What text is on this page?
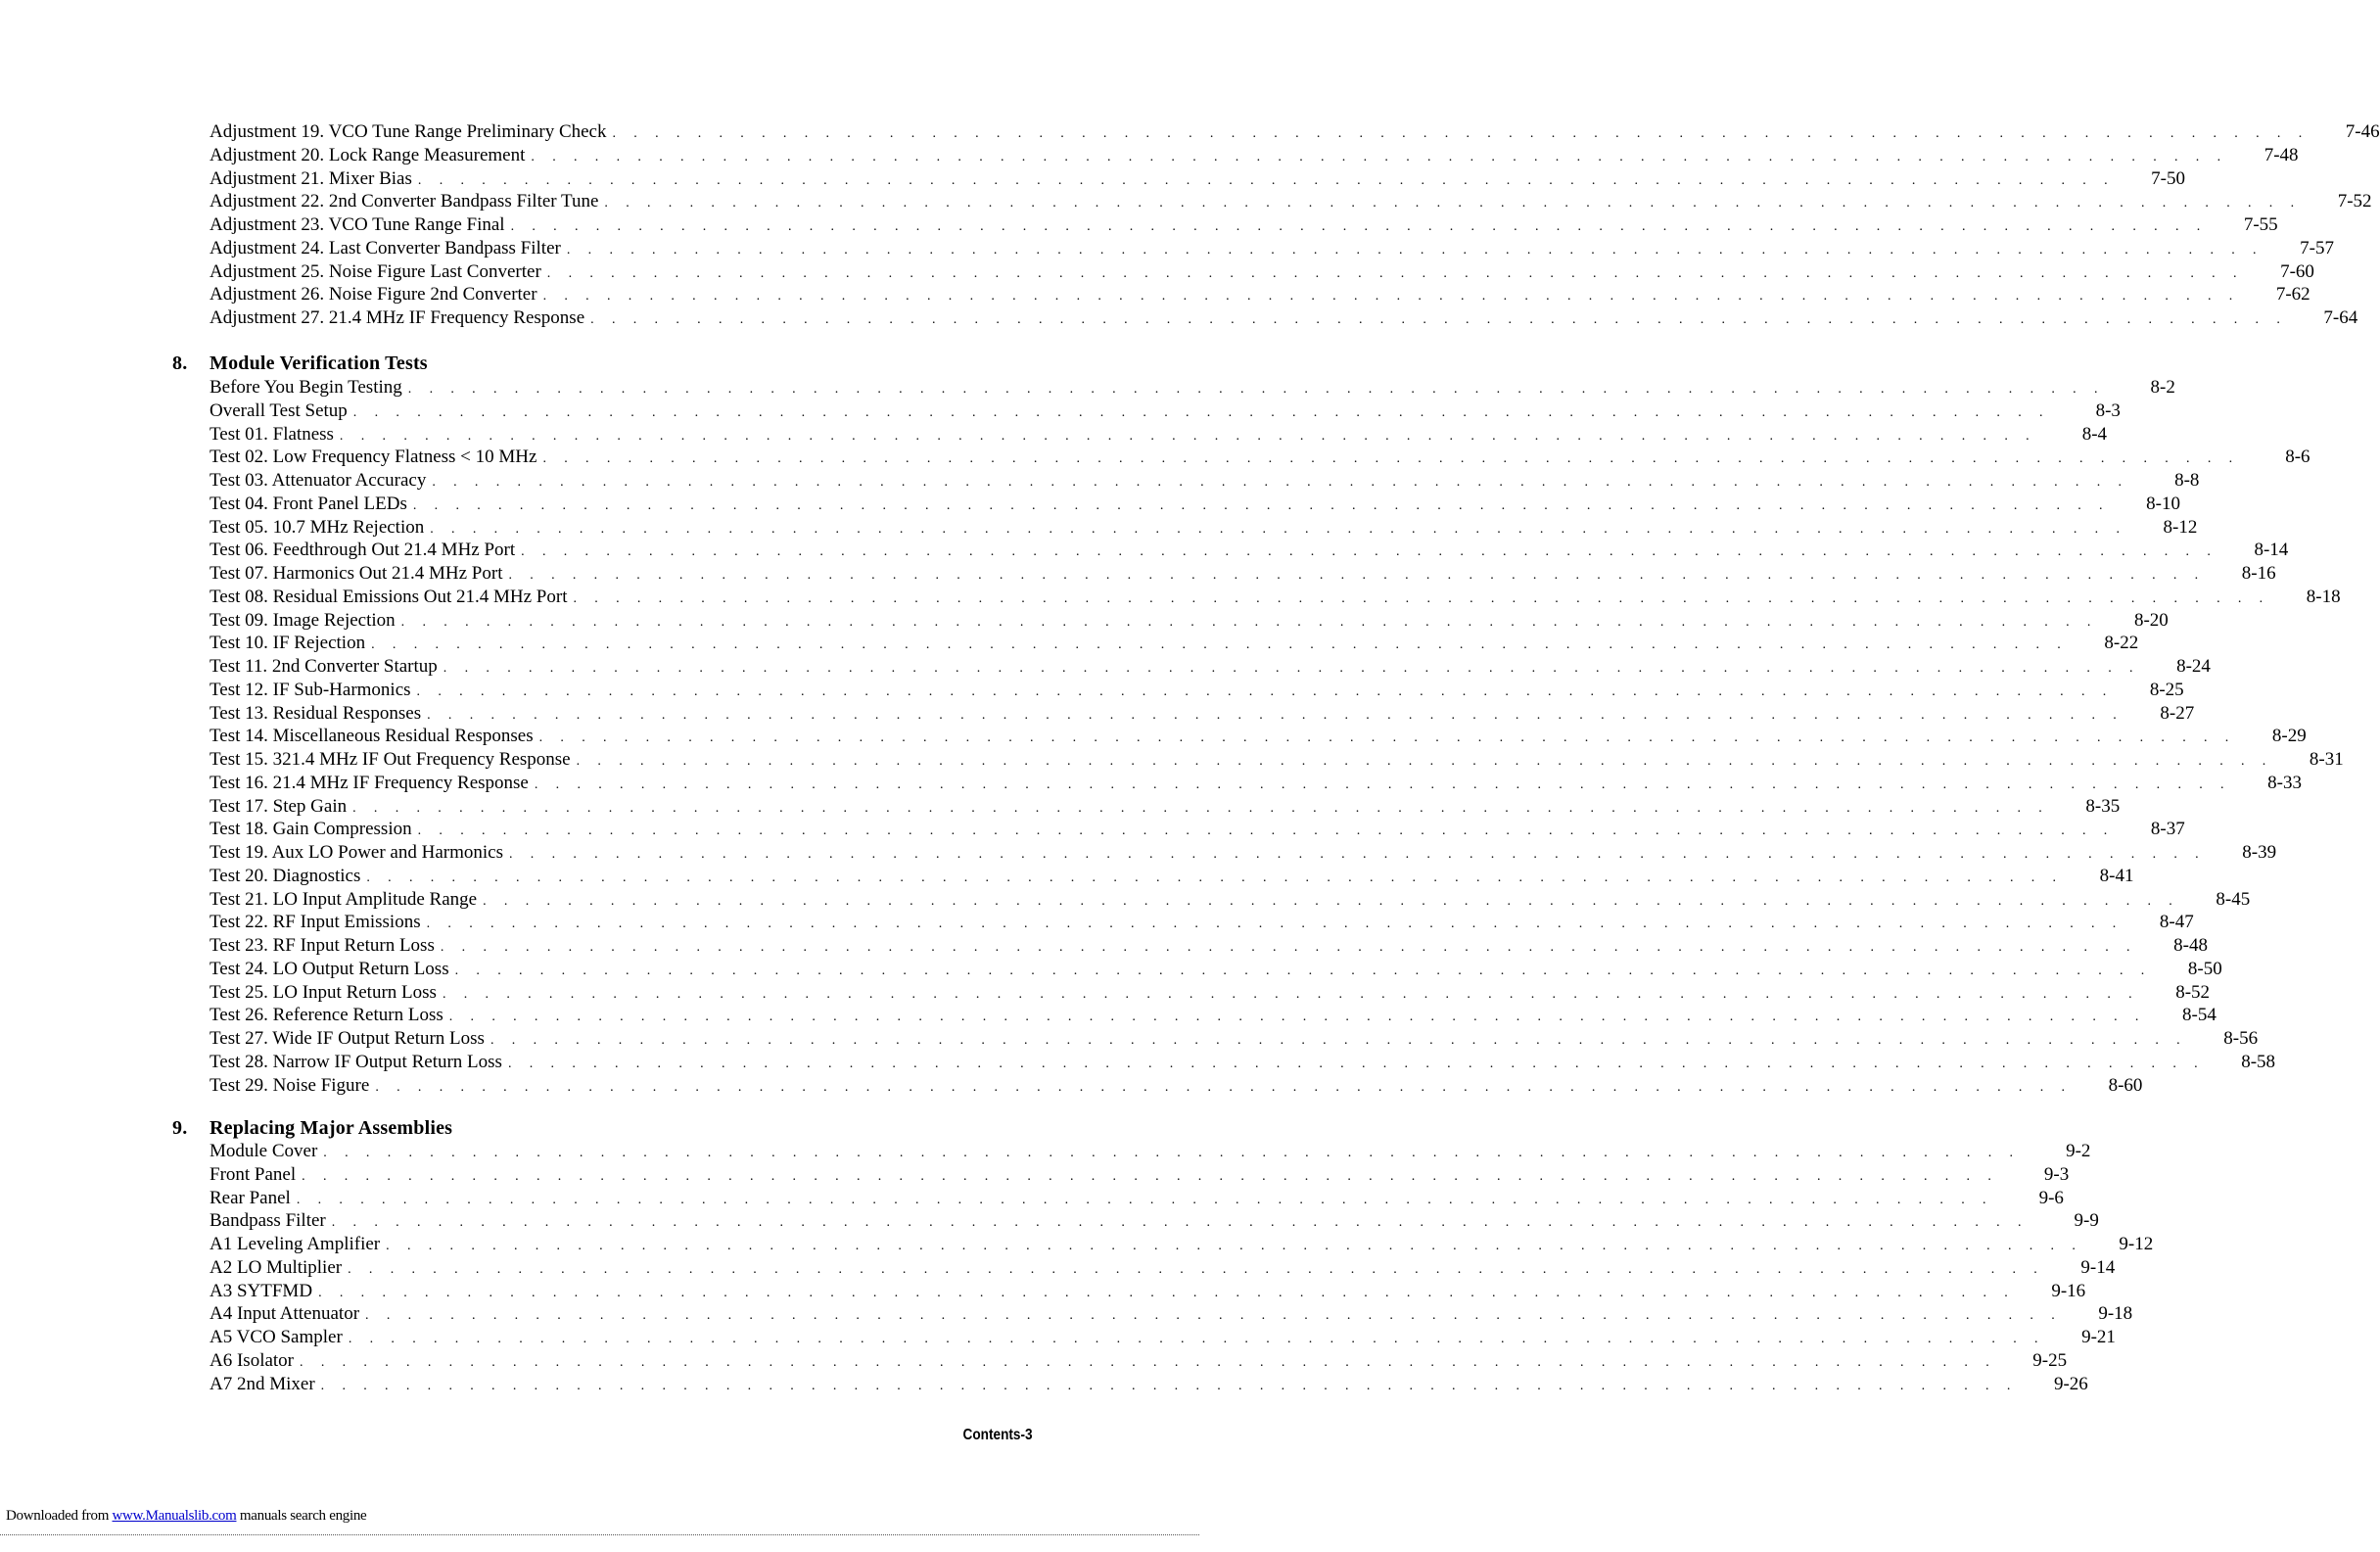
Adjustment 19. VCO Tune Range Preliminary Check . . . . . . . . . . . . . . . . . . . . . . . . . . . . . . . . . . . . . . . . . . . . . . . . . . . . . . . . . . . . . . . . . . . . . . . . . . . . . . . .	7-46
Adjustment 20. Lock Range Measurement . . . . . . . . . . . . . . . . . . . . . . . . . . . . . . . . . . . . . . . . . . . . . . . . . . . . . . . . . . . . . . . . . . . . . . . . . . . . . . . .	7-48
Adjustment 21. Mixer Bias . . . . . . . . . . . . . . . . . . . . . . . . . . . . . . . . . . . . . . . . . . . . . . . . . . . . . . . . . . . . . . . . . . . . . . . . . . . . . . . .	7-50
Adjustment 22. 2nd Converter Bandpass Filter Tune . . . . . . . . . . . . . . . . . . . . . . . . . . . . . . . . . . . . . . . . . . . . . . . . . . . . . . . . . . . . . . . . . . . . . . . . . . . . . . . .	7-52
Adjustment 23. VCO Tune Range Final . . . . . . . . . . . . . . . . . . . . . . . . . . . . . . . . . . . . . . . . . . . . . . . . . . . . . . . . . . . . . . . . . . . . . . . . . . . . . . . .	7-55
Adjustment 24. Last Converter Bandpass Filter . . . . . . . . . . . . . . . . . . . . . . . . . . . . . . . . . . . . . . . . . . . . . . . . . . . . . . . . . . . . . . . . . . . . . . . . . . . . . . . .	7-57
Adjustment 25. Noise Figure Last Converter . . . . . . . . . . . . . . . . . . . . . . . . . . . . . . . . . . . . . . . . . . . . . . . . . . . . . . . . . . . . . . . . . . . . . . . . . . . . . . . .	7-60
Adjustment 26. Noise Figure 2nd Converter . . . . . . . . . . . . . . . . . . . . . . . . . . . . . . . . . . . . . . . . . . . . . . . . . . . . . . . . . . . . . . . . . . . . . . . . . . . . . . . .	7-62
Adjustment 27. 21.4 MHz IF Frequency Response . . . . . . . . . . . . . . . . . . . . . . . . . . . . . . . . . . . . . . . . . . . . . . . . . . . . . . . . . . . . . . . . . . . . . . . . . . . . . . . .	7-64
8. Module Verification Tests
Before You Begin Testing . . . . . . . . . . . . . . . . . . . . . . . . . . . . . . . . . . . . . . . . . . . . . . . . . . . . . . . . . . . . . . . . . . . . . . . . . . . . . . . .	8-2
Overall Test Setup . . . . . . . . . . . . . . . . . . . . . . . . . . . . . . . . . . . . . . . . . . . . . . . . . . . . . . . . . . . . . . . . . . . . . . . . . . . . . . . .	8-3
Test 01. Flatness . . . . . . . . . . . . . . . . . . . . . . . . . . . . . . . . . . . . . . . . . . . . . . . . . . . . . . . . . . . . . . . . . . . . . . . . . . . . . . . .	8-4
Test 02. Low Frequency Flatness < 10 MHz . . . . . . . . . . . . . . . . . . . . . . . . . . . . . . . . . . . . . . . . . . . . . . . . . . . . . . . . . . . . . . . . . . . . . . . . . . . . . . . .	8-6
Test 03. Attenuator Accuracy . . . . . . . . . . . . . . . . . . . . . . . . . . . . . . . . . . . . . . . . . . . . . . . . . . . . . . . . . . . . . . . . . . . . . . . . . . . . . . . .	8-8
Test 04. Front Panel LEDs . . . . . . . . . . . . . . . . . . . . . . . . . . . . . . . . . . . . . . . . . . . . . . . . . . . . . . . . . . . . . . . . . . . . . . . . . . . . . . . .	8-10
Test 05. 10.7 MHz Rejection . . . . . . . . . . . . . . . . . . . . . . . . . . . . . . . . . . . . . . . . . . . . . . . . . . . . . . . . . . . . . . . . . . . . . . . . . . . . . . . .	8-12
Test 06. Feedthrough Out 21.4 MHz Port . . . . . . . . . . . . . . . . . . . . . . . . . . . . . . . . . . . . . . . . . . . . . . . . . . . . . . . . . . . . . . . . . . . . . . . . . . . . . . . .	8-14
Test 07. Harmonics Out 21.4 MHz Port . . . . . . . . . . . . . . . . . . . . . . . . . . . . . . . . . . . . . . . . . . . . . . . . . . . . . . . . . . . . . . . . . . . . . . . . . . . . . . . .	8-16
Test 08. Residual Emissions Out 21.4 MHz Port . . . . . . . . . . . . . . . . . . . . . . . . . . . . . . . . . . . . . . . . . . . . . . . . . . . . . . . . . . . . . . . . . . . . . . . . . . . . . . . .	8-18
Test 09. Image Rejection . . . . . . . . . . . . . . . . . . . . . . . . . . . . . . . . . . . . . . . . . . . . . . . . . . . . . . . . . . . . . . . . . . . . . . . . . . . . . . . .	8-20
Test 10. IF Rejection . . . . . . . . . . . . . . . . . . . . . . . . . . . . . . . . . . . . . . . . . . . . . . . . . . . . . . . . . . . . . . . . . . . . . . . . . . . . . . . .	8-22
Test 11. 2nd Converter Startup . . . . . . . . . . . . . . . . . . . . . . . . . . . . . . . . . . . . . . . . . . . . . . . . . . . . . . . . . . . . . . . . . . . . . . . . . . . . . . . .	8-24
Test 12. IF Sub-Harmonics . . . . . . . . . . . . . . . . . . . . . . . . . . . . . . . . . . . . . . . . . . . . . . . . . . . . . . . . . . . . . . . . . . . . . . . . . . . . . . . .	8-25
Test 13. Residual Responses . . . . . . . . . . . . . . . . . . . . . . . . . . . . . . . . . . . . . . . . . . . . . . . . . . . . . . . . . . . . . . . . . . . . . . . . . . . . . . . .	8-27
Test 14. Miscellaneous Residual Responses . . . . . . . . . . . . . . . . . . . . . . . . . . . . . . . . . . . . . . . . . . . . . . . . . . . . . . . . . . . . . . . . . . . . . . . . . . . . . . . .	8-29
Test 15. 321.4 MHz IF Out Frequency Response . . . . . . . . . . . . . . . . . . . . . . . . . . . . . . . . . . . . . . . . . . . . . . . . . . . . . . . . . . . . . . . . . . . . . . . . . . . . . . . .	8-31
Test 16. 21.4 MHz IF Frequency Response . . . . . . . . . . . . . . . . . . . . . . . . . . . . . . . . . . . . . . . . . . . . . . . . . . . . . . . . . . . . . . . . . . . . . . . . . . . . . . . .	8-33
Test 17. Step Gain . . . . . . . . . . . . . . . . . . . . . . . . . . . . . . . . . . . . . . . . . . . . . . . . . . . . . . . . . . . . . . . . . . . . . . . . . . . . . . . .	8-35
Test 18. Gain Compression . . . . . . . . . . . . . . . . . . . . . . . . . . . . . . . . . . . . . . . . . . . . . . . . . . . . . . . . . . . . . . . . . . . . . . . . . . . . . . . .	8-37
Test 19. Aux LO Power and Harmonics . . . . . . . . . . . . . . . . . . . . . . . . . . . . . . . . . . . . . . . . . . . . . . . . . . . . . . . . . . . . . . . . . . . . . . . . . . . . . . . .	8-39
Test 20. Diagnostics . . . . . . . . . . . . . . . . . . . . . . . . . . . . . . . . . . . . . . . . . . . . . . . . . . . . . . . . . . . . . . . . . . . . . . . . . . . . . . . .	8-41
Test 21. LO Input Amplitude Range . . . . . . . . . . . . . . . . . . . . . . . . . . . . . . . . . . . . . . . . . . . . . . . . . . . . . . . . . . . . . . . . . . . . . . . . . . . . . . . .	8-45
Test 22. RF Input Emissions . . . . . . . . . . . . . . . . . . . . . . . . . . . . . . . . . . . . . . . . . . . . . . . . . . . . . . . . . . . . . . . . . . . . . . . . . . . . . . . .	8-47
Test 23. RF Input Return Loss . . . . . . . . . . . . . . . . . . . . . . . . . . . . . . . . . . . . . . . . . . . . . . . . . . . . . . . . . . . . . . . . . . . . . . . . . . . . . . . .	8-48
Test 24. LO Output Return Loss . . . . . . . . . . . . . . . . . . . . . . . . . . . . . . . . . . . . . . . . . . . . . . . . . . . . . . . . . . . . . . . . . . . . . . . . . . . . . . . .	8-50
Test 25. LO Input Return Loss . . . . . . . . . . . . . . . . . . . . . . . . . . . . . . . . . . . . . . . . . . . . . . . . . . . . . . . . . . . . . . . . . . . . . . . . . . . . . . . .	8-52
Test 26. Reference Return Loss . . . . . . . . . . . . . . . . . . . . . . . . . . . . . . . . . . . . . . . . . . . . . . . . . . . . . . . . . . . . . . . . . . . . . . . . . . . . . . . .	8-54
Test 27. Wide IF Output Return Loss . . . . . . . . . . . . . . . . . . . . . . . . . . . . . . . . . . . . . . . . . . . . . . . . . . . . . . . . . . . . . . . . . . . . . . . . . . . . . . . .	8-56
Test 28. Narrow IF Output Return Loss . . . . . . . . . . . . . . . . . . . . . . . . . . . . . . . . . . . . . . . . . . . . . . . . . . . . . . . . . . . . . . . . . . . . . . . . . . . . . . . .	8-58
Test 29. Noise Figure . . . . . . . . . . . . . . . . . . . . . . . . . . . . . . . . . . . . . . . . . . . . . . . . . . . . . . . . . . . . . . . . . . . . . . . . . . . . . . . .	8-60
9. Replacing Major Assemblies
Module Cover . . . . . . . . . . . . . . . . . . . . . . . . . . . . . . . . . . . . . . . . . . . . . . . . . . . . . . . . . . . . . . . . . . . . . . . . . . . . . . . .	9-2
Front Panel . . . . . . . . . . . . . . . . . . . . . . . . . . . . . . . . . . . . . . . . . . . . . . . . . . . . . . . . . . . . . . . . . . . . . . . . . . . . . . . .	9-3
Rear Panel . . . . . . . . . . . . . . . . . . . . . . . . . . . . . . . . . . . . . . . . . . . . . . . . . . . . . . . . . . . . . . . . . . . . . . . . . . . . . . . .	9-6
Bandpass Filter . . . . . . . . . . . . . . . . . . . . . . . . . . . . . . . . . . . . . . . . . . . . . . . . . . . . . . . . . . . . . . . . . . . . . . . . . . . . . . . .	9-9
A1 Leveling Amplifier . . . . . . . . . . . . . . . . . . . . . . . . . . . . . . . . . . . . . . . . . . . . . . . . . . . . . . . . . . . . . . . . . . . . . . . . . . . . . . . .	9-12
A2 LO Multiplier . . . . . . . . . . . . . . . . . . . . . . . . . . . . . . . . . . . . . . . . . . . . . . . . . . . . . . . . . . . . . . . . . . . . . . . . . . . . . . . .	9-14
A3 SYTFMD . . . . . . . . . . . . . . . . . . . . . . . . . . . . . . . . . . . . . . . . . . . . . . . . . . . . . . . . . . . . . . . . . . . . . . . . . . . . . . . .	9-16
A4 Input Attenuator . . . . . . . . . . . . . . . . . . . . . . . . . . . . . . . . . . . . . . . . . . . . . . . . . . . . . . . . . . . . . . . . . . . . . . . . . . . . . . . .	9-18
A5 VCO Sampler . . . . . . . . . . . . . . . . . . . . . . . . . . . . . . . . . . . . . . . . . . . . . . . . . . . . . . . . . . . . . . . . . . . . . . . . . . . . . . . .	9-21
A6 Isolator . . . . . . . . . . . . . . . . . . . . . . . . . . . . . . . . . . . . . . . . . . . . . . . . . . . . . . . . . . . . . . . . . . . . . . . . . . . . . . . .	9-25
A7 2nd Mixer . . . . . . . . . . . . . . . . . . . . . . . . . . . . . . . . . . . . . . . . . . . . . . . . . . . . . . . . . . . . . . . . . . . . . . . . . . . . . . . .	9-26
Contents-3
Downloaded from www.Manualslib.com manuals search engine
